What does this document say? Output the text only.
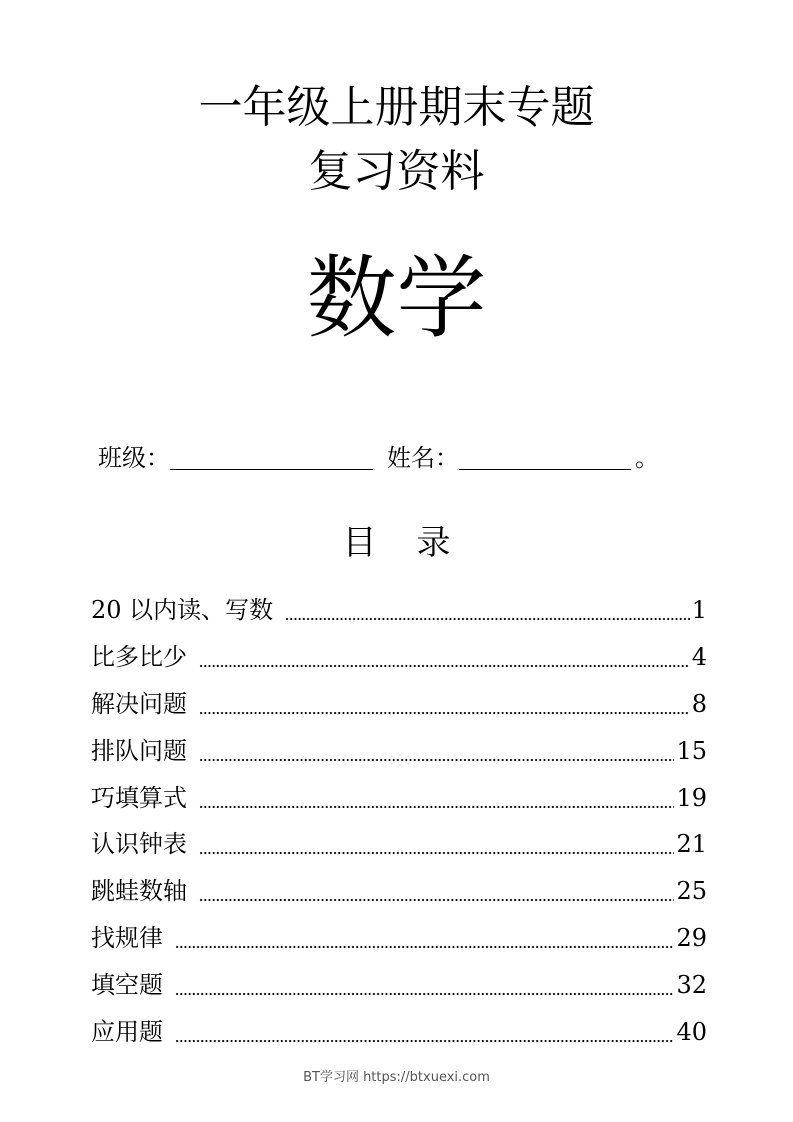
一年级上册期末专题
复习资料
数学
班级：	姓名：	。
目 录
20 以内读、写数	1
比多比少	4
解决问题	8
排队问题	15
巧填算式	19
认识钟表	21
跳蛙数轴	25
找规律	29
填空题	32
应用题	40
BT学习网 https://btxuexi.com
